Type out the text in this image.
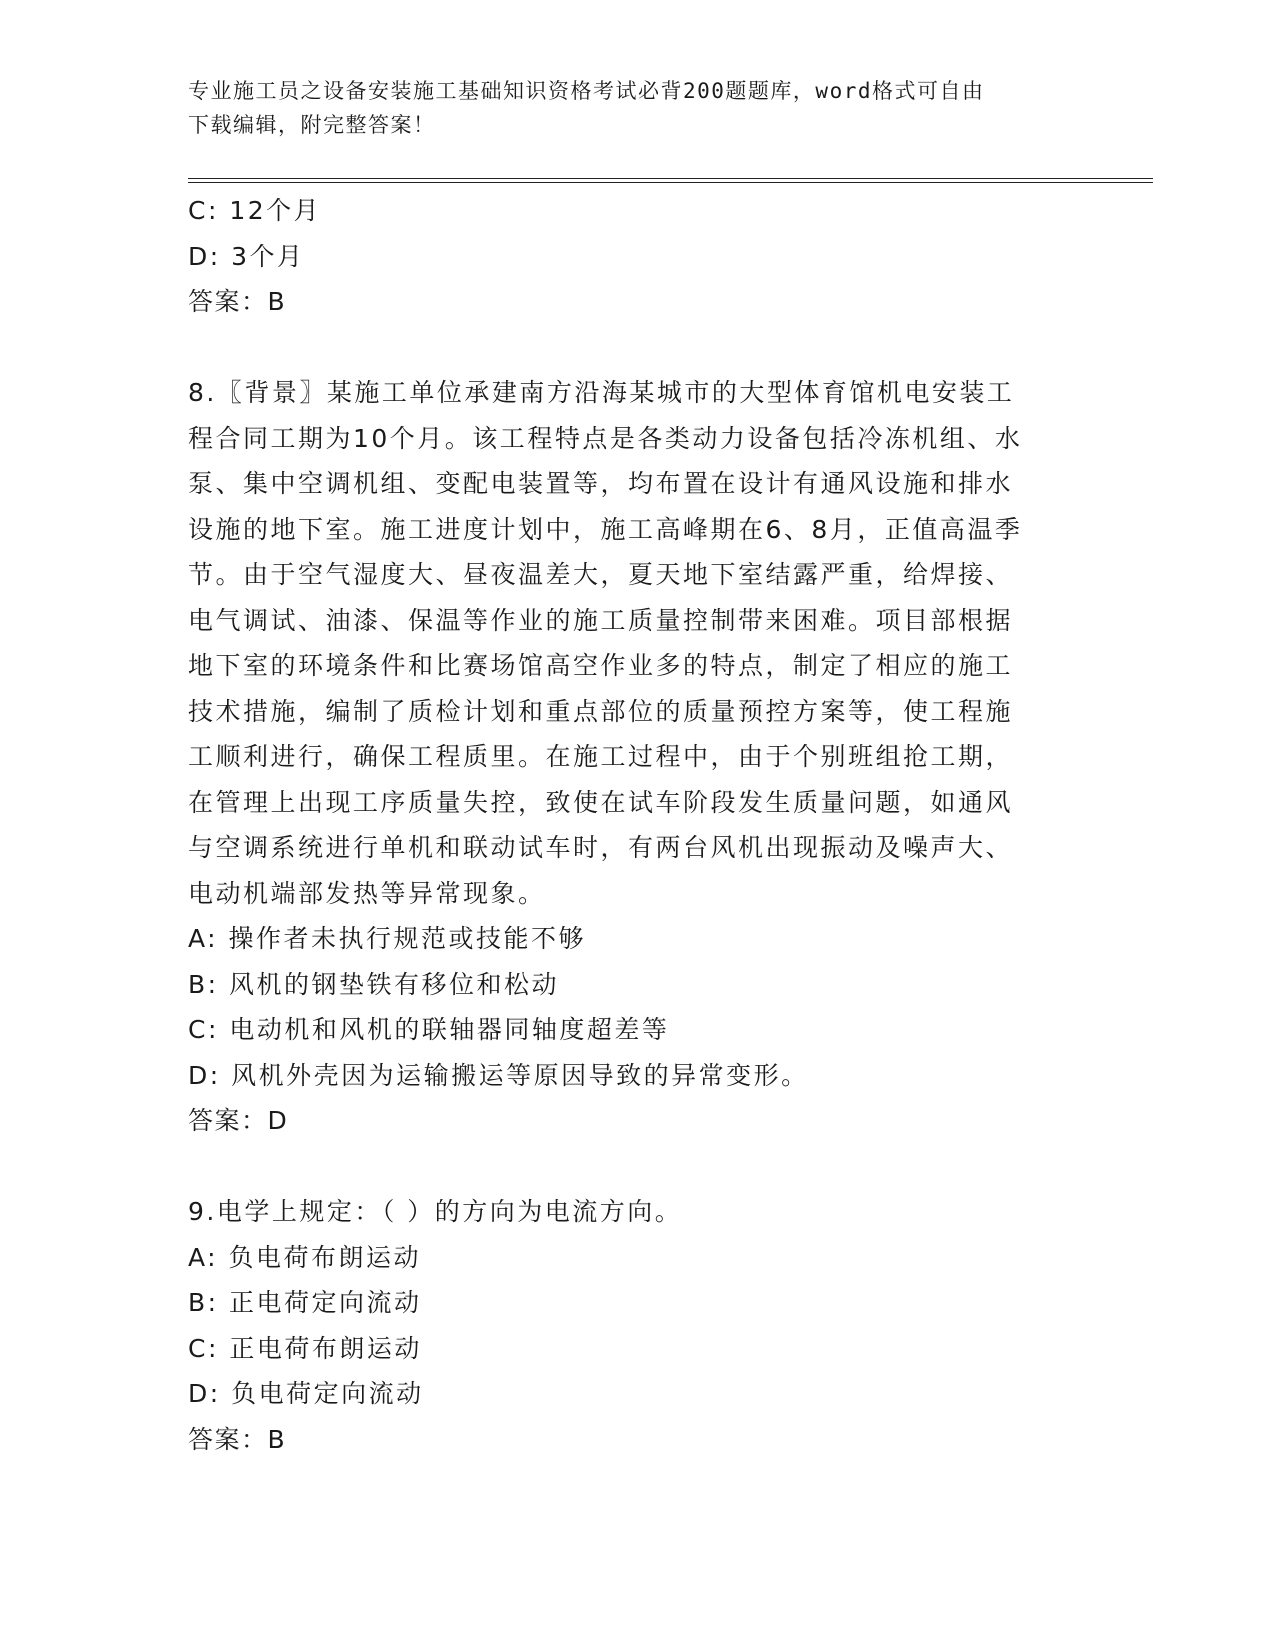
专业施工员之设备安装施工基础知识资格考试必背200题题库，word格式可自由
下载编辑，附完整答案！
C: 12个月
D: 3个月
答案：B
8.〖背景〗某施工单位承建南方沿海某城市的大型体育馆机电安装工
程合同工期为10个月。该工程特点是各类动力设备包括冷冻机组、水
泵、集中空调机组、变配电装置等，均布置在设计有通风设施和排水
设施的地下室。施工进度计划中，施工高峰期在6、8月，正值高温季
节。由于空气湿度大、昼夜温差大，夏天地下室结露严重，给焊接、
电气调试、油漆、保温等作业的施工质量控制带来困难。项目部根据
地下室的环境条件和比赛场馆高空作业多的特点，制定了相应的施工
技术措施，编制了质检计划和重点部位的质量预控方案等，使工程施
工顺利进行，确保工程质里。在施工过程中，由于个别班组抢工期，
在管理上出现工序质量失控，致使在试车阶段发生质量问题，如通风
与空调系统进行单机和联动试车时，有两台风机出现振动及噪声大、
电动机端部发热等异常现象。
A: 操作者未执行规范或技能不够
B: 风机的钢垫铁有移位和松动
C: 电动机和风机的联轴器同轴度超差等
D: 风机外壳因为运输搬运等原因导致的异常变形。
答案：D
9.电学上规定：（ ）的方向为电流方向。
A: 负电荷布朗运动
B: 正电荷定向流动
C: 正电荷布朗运动
D: 负电荷定向流动
答案：B
